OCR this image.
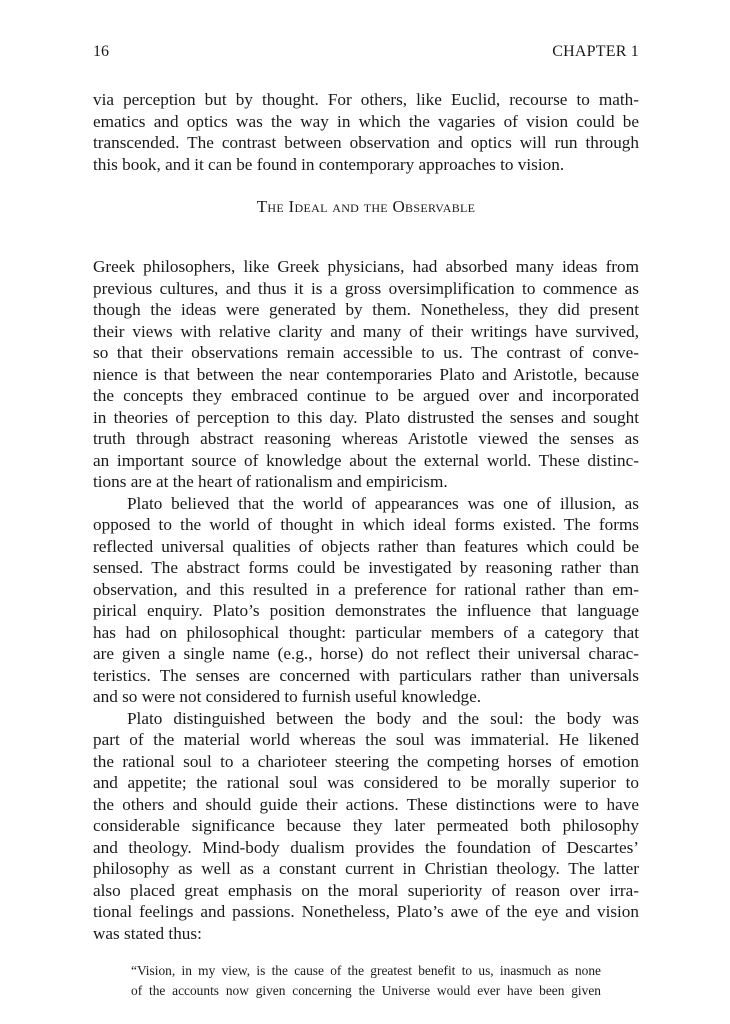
16	CHAPTER 1
via perception but by thought. For others, like Euclid, recourse to math-
ematics and optics was the way in which the vagaries of vision could be
transcended. The contrast between observation and optics will run through
this book, and it can be found in contemporary approaches to vision.
The Ideal and the Observable
Greek philosophers, like Greek physicians, had absorbed many ideas from
previous cultures, and thus it is a gross oversimplification to commence as
though the ideas were generated by them. Nonetheless, they did present
their views with relative clarity and many of their writings have survived,
so that their observations remain accessible to us. The contrast of conve-
nience is that between the near contemporaries Plato and Aristotle, because
the concepts they embraced continue to be argued over and incorporated
in theories of perception to this day. Plato distrusted the senses and sought
truth through abstract reasoning whereas Aristotle viewed the senses as
an important source of knowledge about the external world. These distinc-
tions are at the heart of rationalism and empiricism.
Plato believed that the world of appearances was one of illusion, as
opposed to the world of thought in which ideal forms existed. The forms
reflected universal qualities of objects rather than features which could be
sensed. The abstract forms could be investigated by reasoning rather than
observation, and this resulted in a preference for rational rather than em-
pirical enquiry. Plato’s position demonstrates the influence that language
has had on philosophical thought: particular members of a category that
are given a single name (e.g., horse) do not reflect their universal charac-
teristics. The senses are concerned with particulars rather than universals
and so were not considered to furnish useful knowledge.
Plato distinguished between the body and the soul: the body was
part of the material world whereas the soul was immaterial. He likened
the rational soul to a charioteer steering the competing horses of emotion
and appetite; the rational soul was considered to be morally superior to
the others and should guide their actions. These distinctions were to have
considerable significance because they later permeated both philosophy
and theology. Mind-body dualism provides the foundation of Descartes’
philosophy as well as a constant current in Christian theology. The latter
also placed great emphasis on the moral superiority of reason over irra-
tional feelings and passions. Nonetheless, Plato’s awe of the eye and vision
was stated thus:
“Vision, in my view, is the cause of the greatest benefit to us, inasmuch as none
of the accounts now given concerning the Universe would ever have been given
